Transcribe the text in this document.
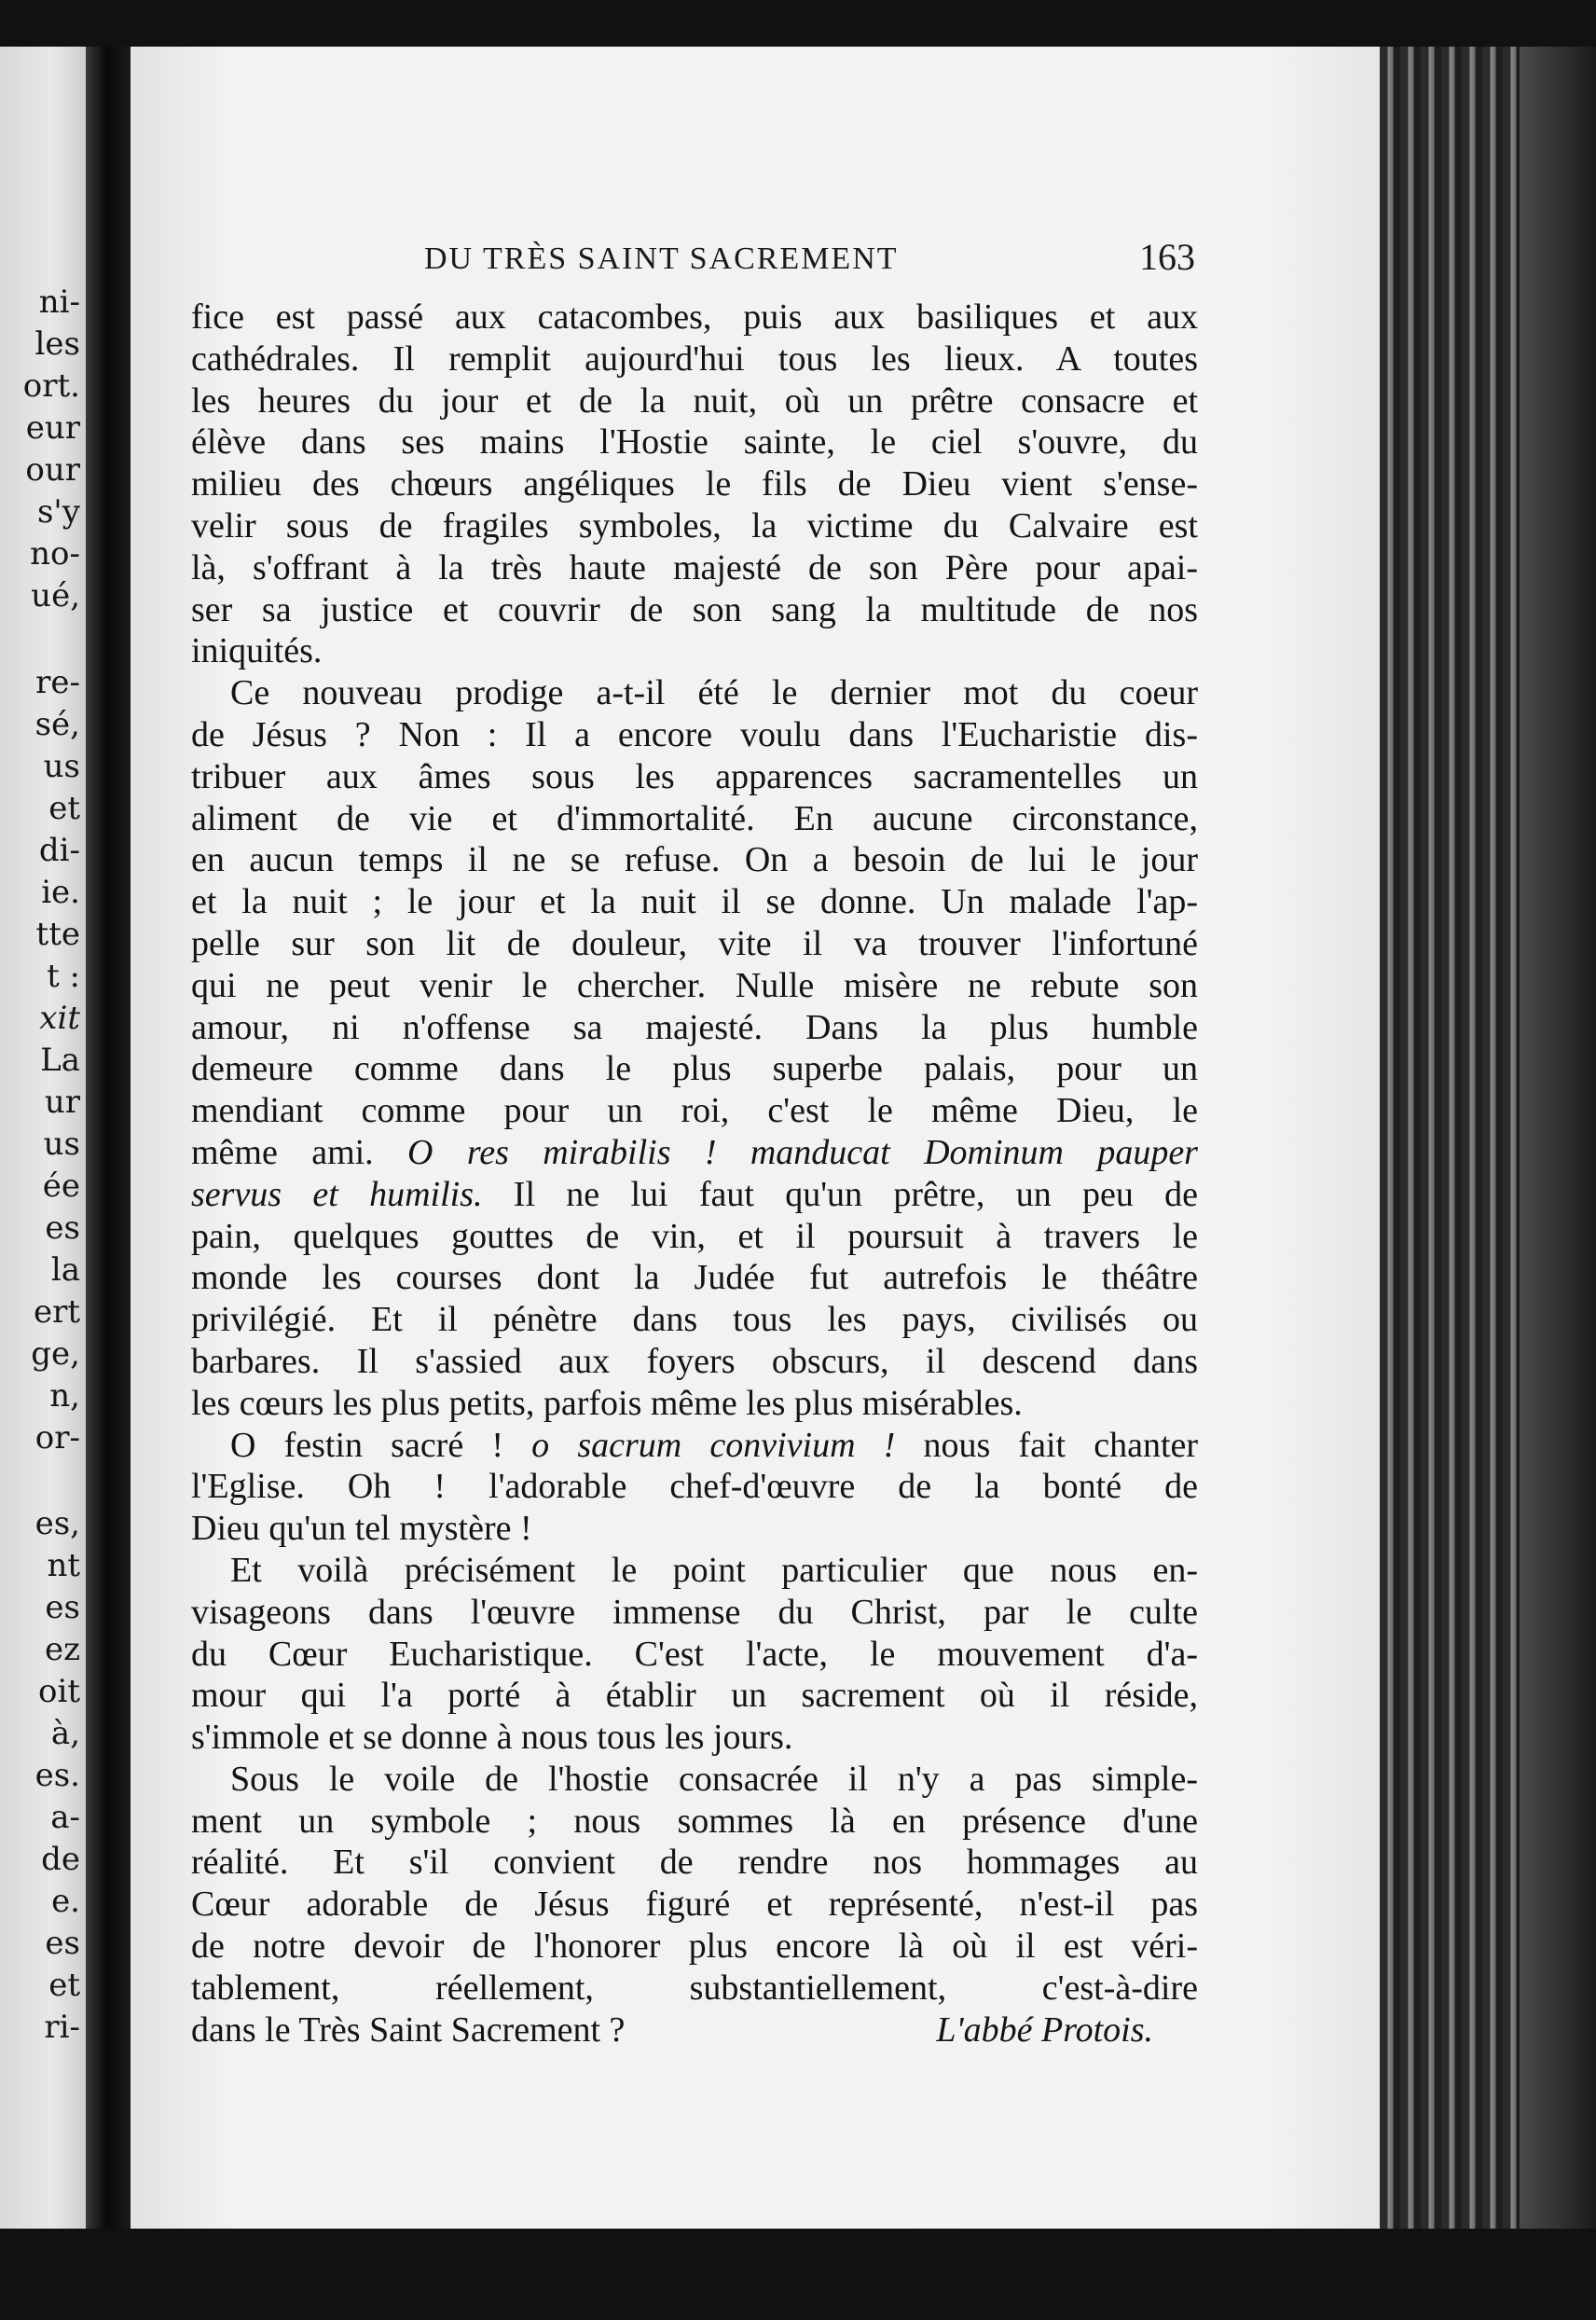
ni-
les
ort.
eur
our
s'y
no-
ué,
re-
sé,
us
et
di-
ie.
tte
t :
xit
La
ur
us
ée
es
la
ert
ge,
n,
or-
es,
nt
es
ez
oit
à,
es.
a-
de
e.
es
et
ri-
DU TRÈS SAINT SACREMENT	163
fice est passé aux catacombes, puis aux basiliques et aux
cathédrales. Il remplit aujourd'hui tous les lieux. A toutes
les heures du jour et de la nuit, où un prêtre consacre et
élève dans ses mains l'Hostie sainte, le ciel s'ouvre, du
milieu des chœurs angéliques le fils de Dieu vient s'ense-
velir sous de fragiles symboles, la victime du Calvaire est
là, s'offrant à la très haute majesté de son Père pour apai-
ser sa justice et couvrir de son sang la multitude de nos
iniquités.
Ce nouveau prodige a-t-il été le dernier mot du coeur
de Jésus ? Non : Il a encore voulu dans l'Eucharistie dis-
tribuer aux âmes sous les apparences sacramentelles un
aliment de vie et d'immortalité. En aucune circonstance,
en aucun temps il ne se refuse. On a besoin de lui le jour
et la nuit ; le jour et la nuit il se donne. Un malade l'ap-
pelle sur son lit de douleur, vite il va trouver l'infortuné
qui ne peut venir le chercher. Nulle misère ne rebute son
amour, ni n'offense sa majesté. Dans la plus humble
demeure comme dans le plus superbe palais, pour un
mendiant comme pour un roi, c'est le même Dieu, le
même ami. O res mirabilis ! manducat Dominum pauper
servus et humilis. Il ne lui faut qu'un prêtre, un peu de
pain, quelques gouttes de vin, et il poursuit à travers le
monde les courses dont la Judée fut autrefois le théâtre
privilégié. Et il pénètre dans tous les pays, civilisés ou
barbares. Il s'assied aux foyers obscurs, il descend dans
les cœurs les plus petits, parfois même les plus misérables.
O festin sacré ! o sacrum convivium ! nous fait chanter
l'Eglise. Oh ! l'adorable chef-d'œuvre de la bonté de
Dieu qu'un tel mystère !
Et voilà précisément le point particulier que nous en-
visageons dans l'œuvre immense du Christ, par le culte
du Cœur Eucharistique. C'est l'acte, le mouvement d'a-
mour qui l'a porté à établir un sacrement où il réside,
s'immole et se donne à nous tous les jours.
Sous le voile de l'hostie consacrée il n'y a pas simple-
ment un symbole ; nous sommes là en présence d'une
réalité. Et s'il convient de rendre nos hommages au
Cœur adorable de Jésus figuré et représenté, n'est-il pas
de notre devoir de l'honorer plus encore là où il est véri-
tablement, réellement, substantiellement, c'est-à-dire
dans le Très Saint Sacrement ?	L'abbé Protois.
